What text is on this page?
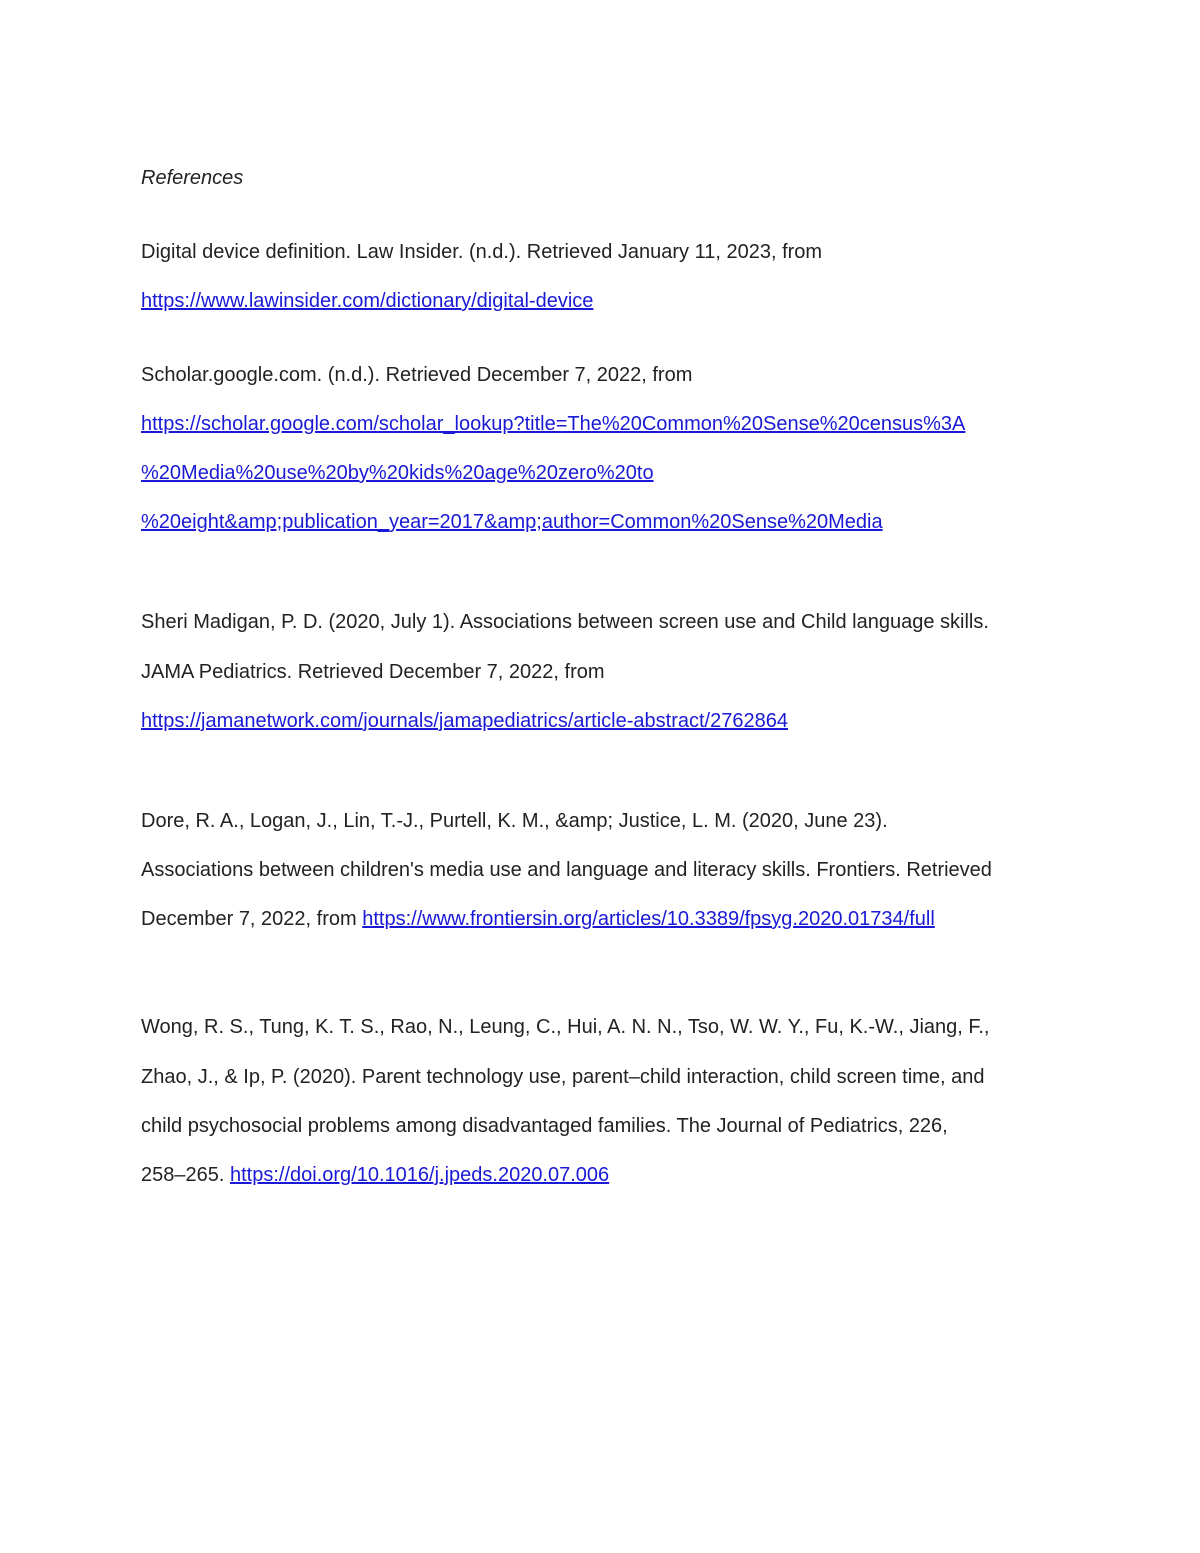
References
Digital device definition. Law Insider. (n.d.). Retrieved January 11, 2023, from
https://www.lawinsider.com/dictionary/digital-device
Scholar.google.com. (n.d.). Retrieved December 7, 2022, from
https://scholar.google.com/scholar_lookup?title=The%20Common%20Sense%20census%3A
%20Media%20use%20by%20kids%20age%20zero%20to
%20eight&amp;publication_year=2017&amp;author=Common%20Sense%20Media
Sheri Madigan, P. D. (2020, July 1). Associations between screen use and Child language skills.
JAMA Pediatrics. Retrieved December 7, 2022, from
https://jamanetwork.com/journals/jamapediatrics/article-abstract/2762864
Dore, R. A., Logan, J., Lin, T.-J., Purtell, K. M., &amp; Justice, L. M. (2020, June 23).
Associations between children's media use and language and literacy skills. Frontiers. Retrieved
December 7, 2022, from https://www.frontiersin.org/articles/10.3389/fpsyg.2020.01734/full
Wong, R. S., Tung, K. T. S., Rao, N., Leung, C., Hui, A. N. N., Tso, W. W. Y., Fu, K.-W., Jiang, F.,
Zhao, J., & Ip, P. (2020). Parent technology use, parent–child interaction, child screen time, and
child psychosocial problems among disadvantaged families. The Journal of Pediatrics, 226,
258–265. https://doi.org/10.1016/j.jpeds.2020.07.006
